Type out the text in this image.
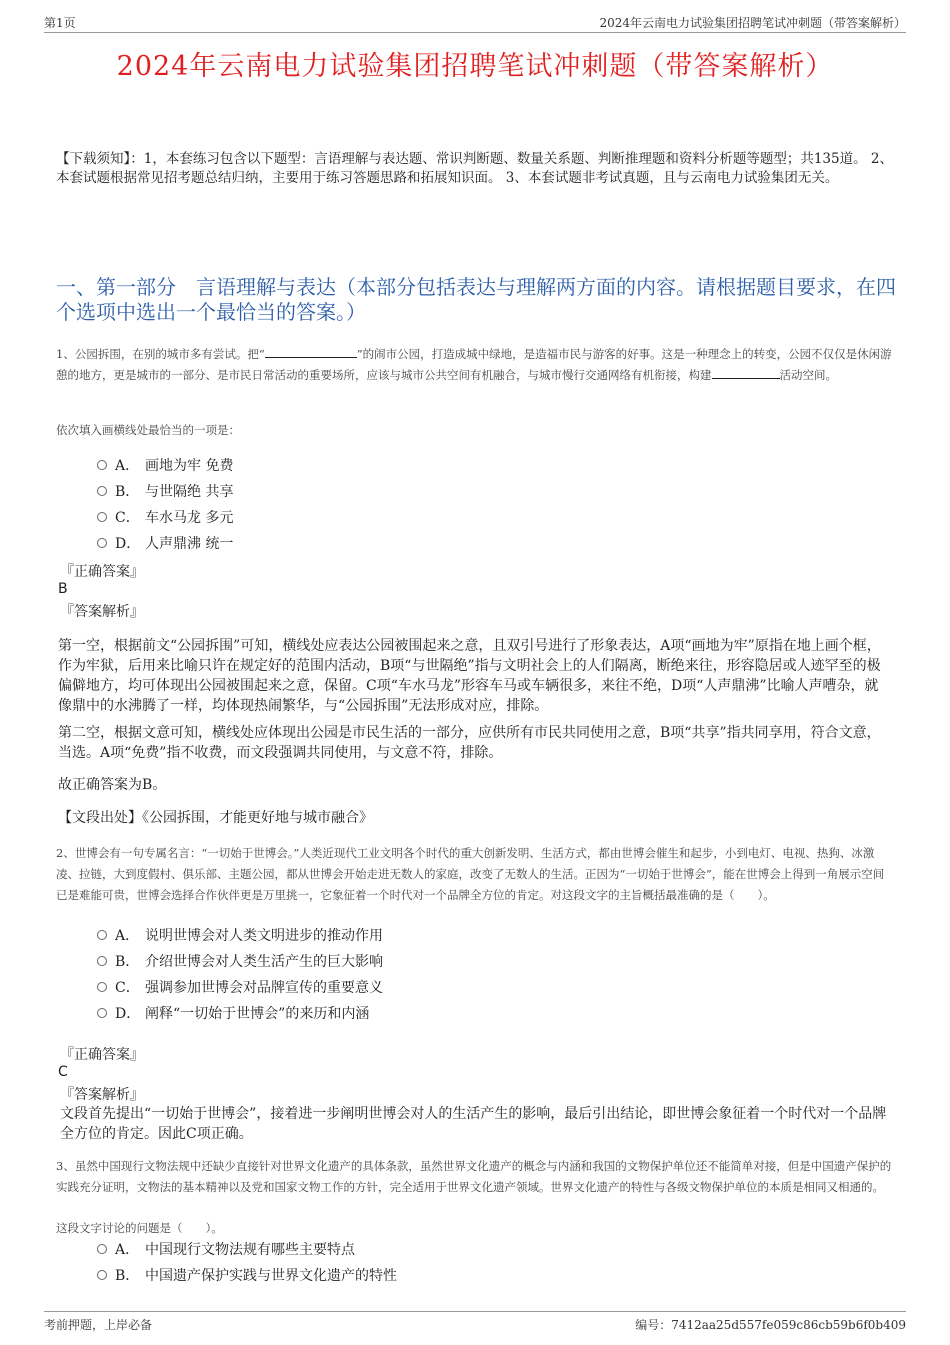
第1页	2024年云南电力试验集团招聘笔试冲刺题（带答案解析）
2024年云南电力试验集团招聘笔试冲刺题（带答案解析）
【下载须知】：1，本套练习包含以下题型：言语理解与表达题、常识判断题、数量关系题、判断推理题和资料分析题等题型；共135道。 2、本套试题根据常见招考题总结归纳，主要用于练习答题思路和拓展知识面。 3、本套试题非考试真题，且与云南电力试验集团无关。
一、第一部分　言语理解与表达（本部分包括表达与理解两方面的内容。请根据题目要求，在四个选项中选出一个最恰当的答案。）
1、公园拆围，在别的城市多有尝试。把“	”的闹市公园，打造成城中绿地，是造福市民与游客的好事。这是一种理念上的转变，公园不仅仅是休闲游憩的地方，更是城市的一部分、是市民日常活动的重要场所，应该与城市公共空间有机融合，与城市慢行交通网络有机衔接，构建	活动空间。
依次填入画横线处最恰当的一项是：
A． 画地为牢 免费
B． 与世隔绝 共享
C． 车水马龙 多元
D． 人声鼎沸 统一
『正确答案』
B
『答案解析』
第一空，根据前文“公园拆围”可知，横线处应表达公园被围起来之意，且双引号进行了形象表达，A项“画地为牢”原指在地上画个框，作为牢狱，后用来比喻只许在规定好的范围内活动，B项“与世隔绝”指与文明社会上的人们隔离，断绝来往，形容隐居或人迹罕至的极偏僻地方，均可体现出公园被围起来之意，保留。C项“车水马龙”形容车马或车辆很多，来往不绝，D项“人声鼎沸”比喻人声嘈杂，就像鼎中的水沸腾了一样，均体现热闹繁华，与“公园拆围”无法形成对应，排除。
第二空，根据文意可知，横线处应体现出公园是市民生活的一部分，应供所有市民共同使用之意，B项“共享”指共同享用，符合文意，当选。A项“免费”指不收费，而文段强调共同使用，与文意不符，排除。
故正确答案为B。
【文段出处】《公园拆围，才能更好地与城市融合》
2、世博会有一句专属名言：“一切始于世博会。”人类近现代工业文明各个时代的重大创新发明、生活方式，都由世博会催生和起步，小到电灯、电视、热狗、冰激凌、拉链，大到度假村、俱乐部、主题公园，都从世博会开始走进无数人的家庭，改变了无数人的生活。正因为“一切始于世博会”，能在世博会上得到一角展示空间已是难能可贵，世博会选择合作伙伴更是万里挑一，它象征着一个时代对一个品牌全方位的肯定。对这段文字的主旨概括最准确的是（　　）。
A． 说明世博会对人类文明进步的推动作用
B． 介绍世博会对人类生活产生的巨大影响
C． 强调参加世博会对品牌宣传的重要意义
D． 阐释“一切始于世博会”的来历和内涵
『正确答案』
C
『答案解析』
文段首先提出“一切始于世博会”，接着进一步阐明世博会对人的生活产生的影响，最后引出结论，即世博会象征着一个时代对一个品牌全方位的肯定。因此C项正确。
3、虽然中国现行文物法规中还缺少直接针对世界文化遗产的具体条款，虽然世界文化遗产的概念与内涵和我国的文物保护单位还不能简单对接，但是中国遗产保护的实践充分证明，文物法的基本精神以及党和国家文物工作的方针，完全适用于世界文化遗产领域。世界文化遗产的特性与各级文物保护单位的本质是相同又相通的。
这段文字讨论的问题是（　　）。
A． 中国现行文物法规有哪些主要特点
B． 中国遗产保护实践与世界文化遗产的特性
考前押题，上岸必备	编号：7412aa25d557fe059c86cb59b6f0b409
